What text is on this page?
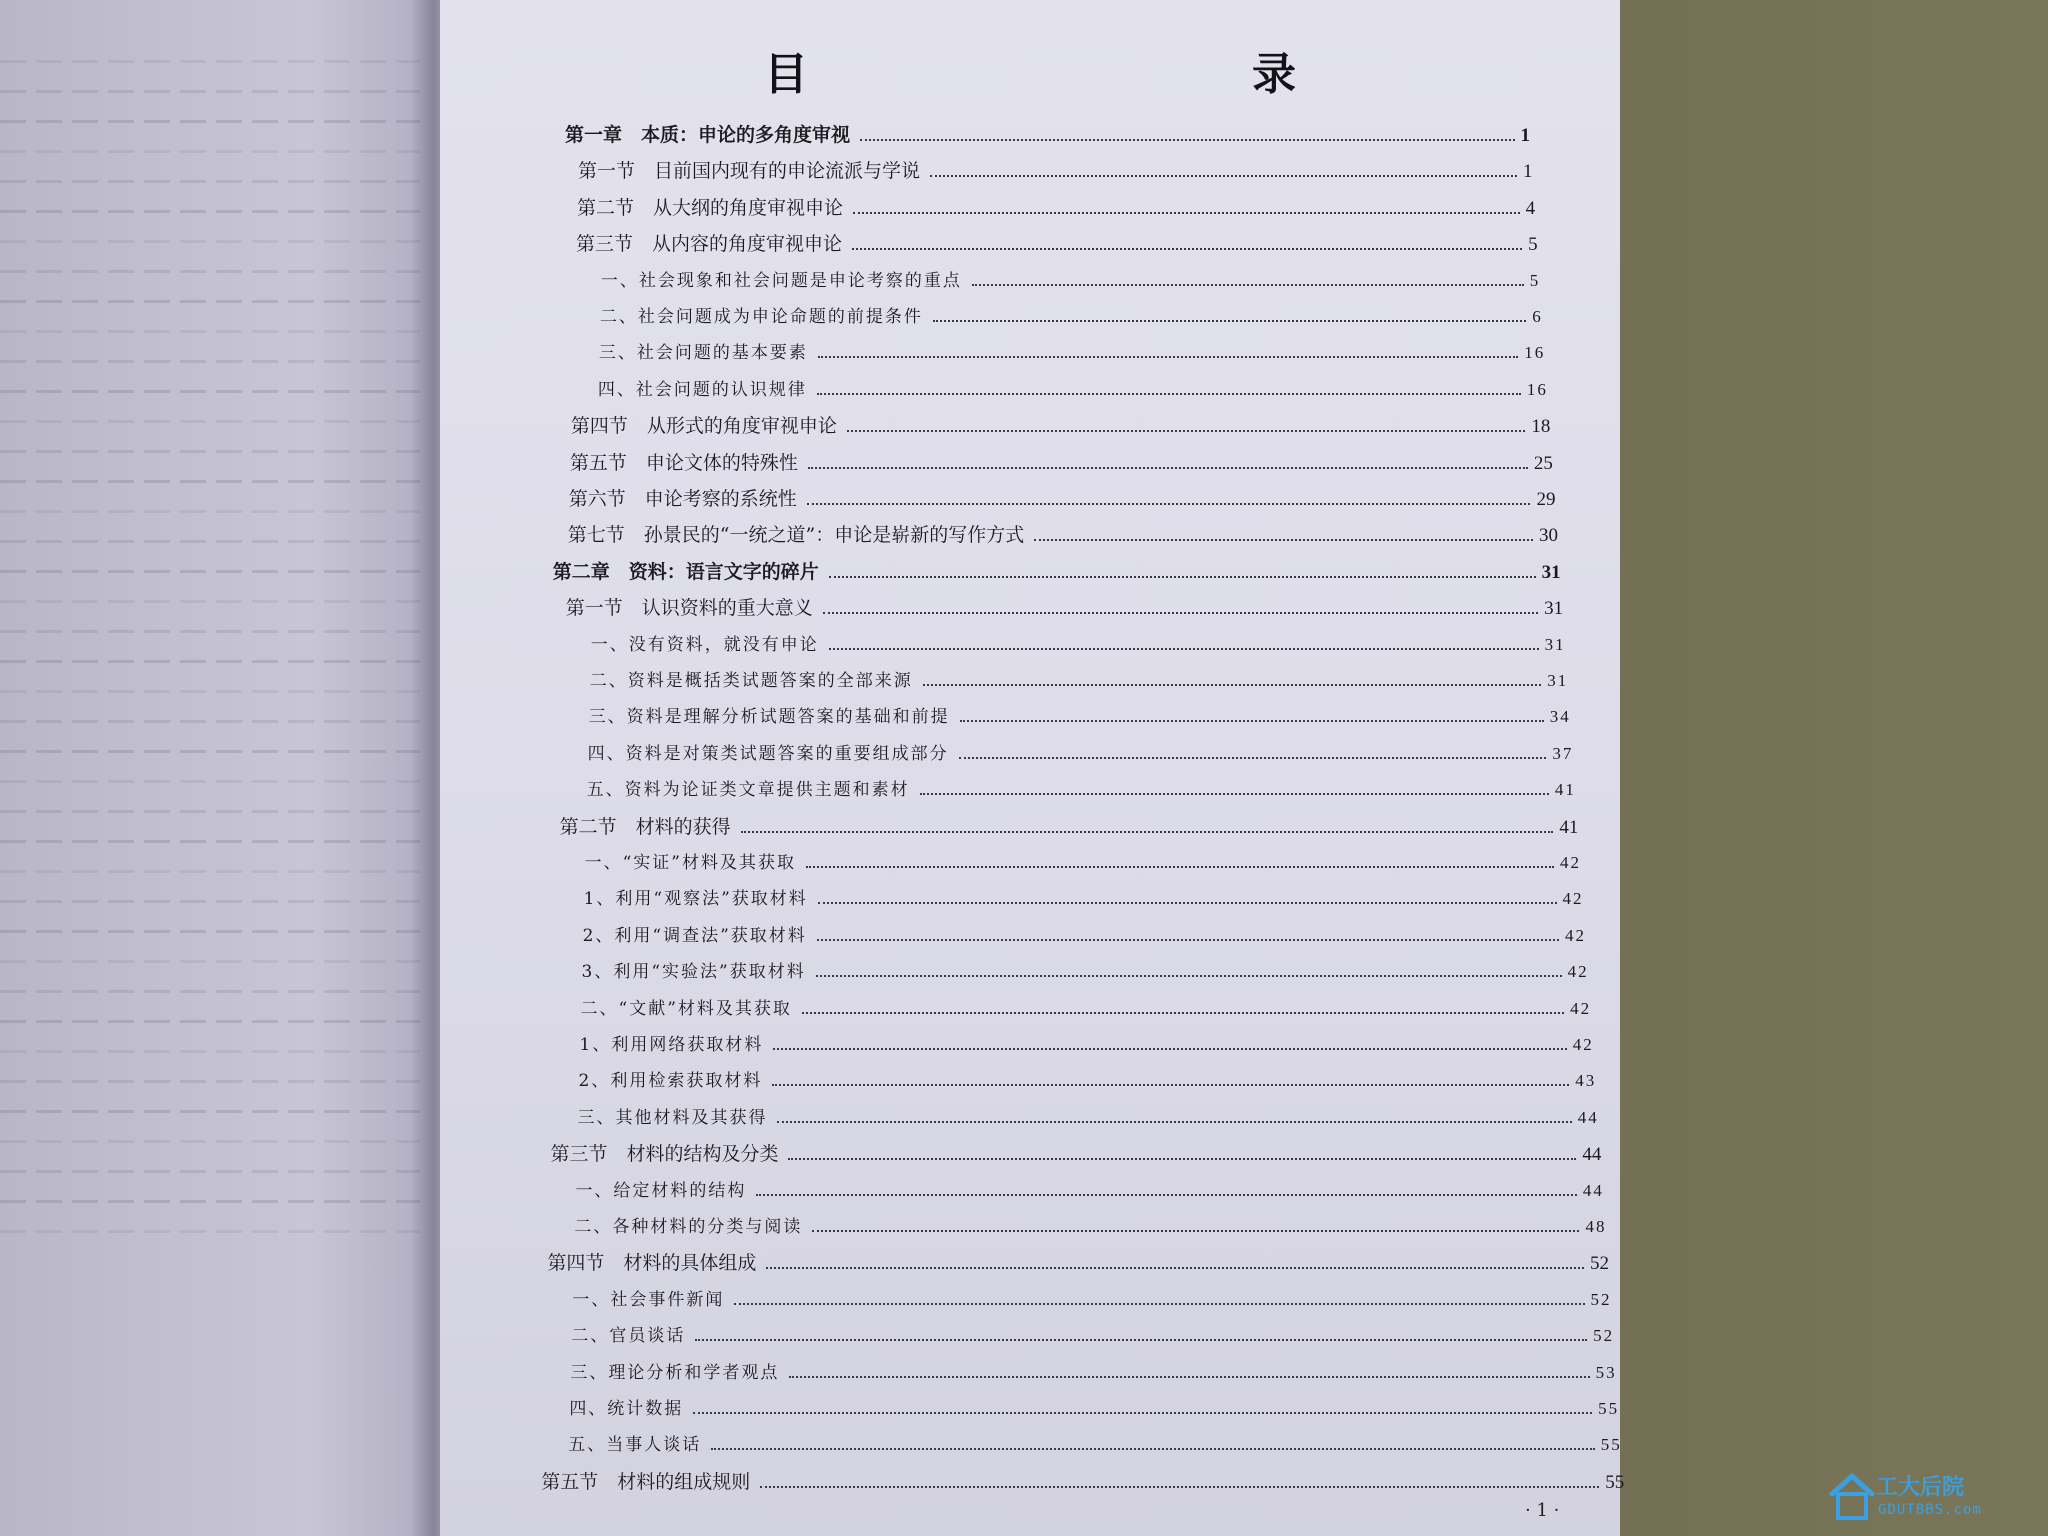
目　录
第一章　本质：申论的多角度审视	1
第一节　目前国内现有的申论流派与学说	1
第二节　从大纲的角度审视申论	4
第三节　从内容的角度审视申论	5
一、社会现象和社会问题是申论考察的重点	5
二、社会问题成为申论命题的前提条件	6
三、社会问题的基本要素	16
四、社会问题的认识规律	16
第四节　从形式的角度审视申论	18
第五节　申论文体的特殊性	25
第六节　申论考察的系统性	29
第七节　孙景民的“一统之道”：申论是崭新的写作方式	30
第二章　资料：语言文字的碎片	31
第一节　认识资料的重大意义	31
一、没有资料，就没有申论	31
二、资料是概括类试题答案的全部来源	31
三、资料是理解分析试题答案的基础和前提	34
四、资料是对策类试题答案的重要组成部分	37
五、资料为论证类文章提供主题和素材	41
第二节　材料的获得	41
一、“实证”材料及其获取	42
1、利用“观察法”获取材料	42
2、利用“调查法”获取材料	42
3、利用“实验法”获取材料	42
二、“文献”材料及其获取	42
1、利用网络获取材料	42
2、利用检索获取材料	43
三、其他材料及其获得	44
第三节　材料的结构及分类	44
一、给定材料的结构	44
二、各种材料的分类与阅读	48
第四节　材料的具体组成	52
一、社会事件新闻	52
二、官员谈话	52
三、理论分析和学者观点	53
四、统计数据	55
五、当事人谈话	55
第五节　材料的组成规则	55
· 1 ·
工大后院
GDUTBBS.com
